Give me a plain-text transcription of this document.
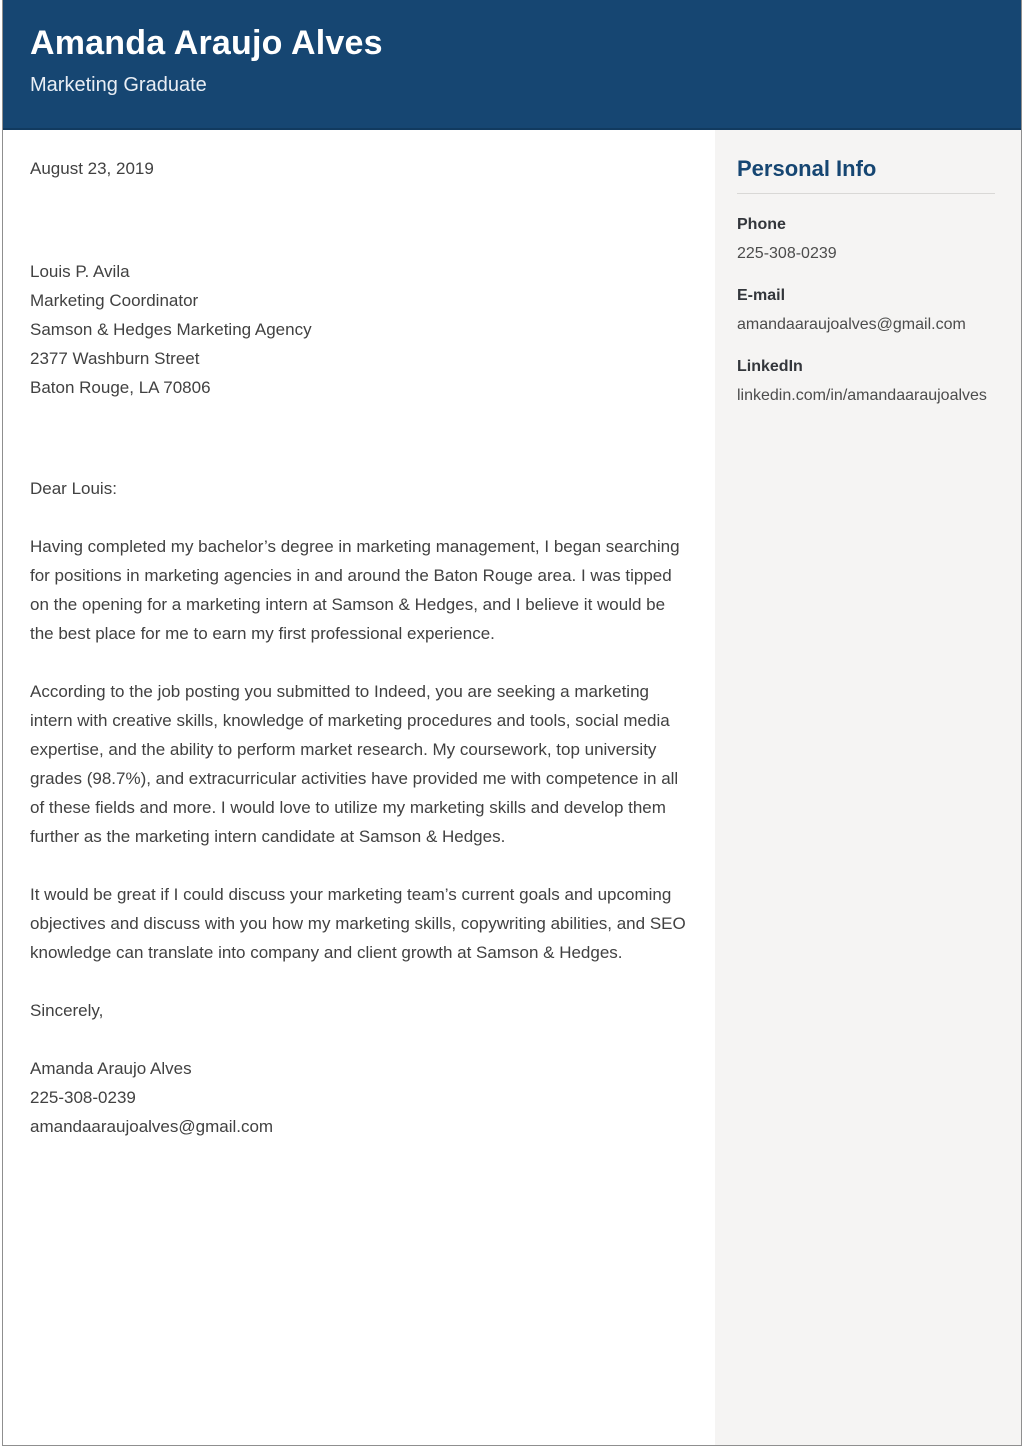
Amanda Araujo Alves

Marketing Graduate

August 23, 2019

Louis P. Avila

Marketing Coordinator

Samson & Hedges Marketing Agency

2377 Washburn Street

Baton Rouge, LA 70806

Dear Louis:

Having completed my bachelor’s degree in marketing management, I began searching for positions in marketing agencies in and around the Baton Rouge area. I was tipped on the opening for a marketing intern at Samson & Hedges, and I believe it would be the best place for me to earn my first professional experience.

According to the job posting you submitted to Indeed, you are seeking a marketing intern with creative skills, knowledge of marketing procedures and tools, social media expertise, and the ability to perform market research. My coursework, top university grades (98.7%), and extracurricular activities have provided me with competence in all of these fields and more. I would love to utilize my marketing skills and develop them further as the marketing intern candidate at Samson & Hedges.

It would be great if I could discuss your marketing team’s current goals and upcoming objectives and discuss with you how my marketing skills, copywriting abilities, and SEO knowledge can translate into company and client growth at Samson & Hedges.

Sincerely,

Amanda Araujo Alves

225-308-0239

amandaaraujoalves@gmail.com

Personal Info

Phone

225-308-0239

E-mail

amandaaraujoalves@gmail.com

LinkedIn

linkedin.com/in/amandaaraujoalves
